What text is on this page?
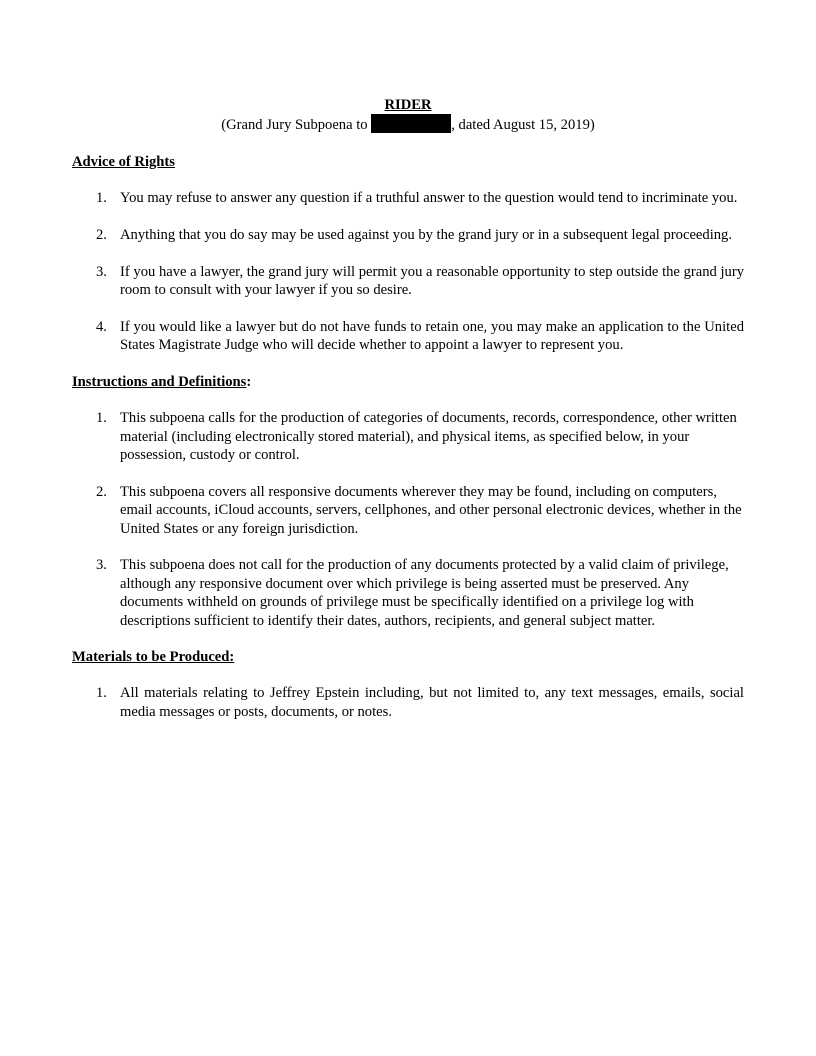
RIDER

(Grand Jury Subpoena to	, dated August 15, 2019)

Advice of Rights

1. You may refuse to answer any question if a truthful answer to the question would tend to incriminate you.
2. Anything that you do say may be used against you by the grand jury or in a subsequent legal proceeding.
3. If you have a lawyer, the grand jury will permit you a reasonable opportunity to step outside the grand jury room to consult with your lawyer if you so desire.
4. If you would like a lawyer but do not have funds to retain one, you may make an application to the United States Magistrate Judge who will decide whether to appoint a lawyer to represent you.

Instructions and Definitions:

1. This subpoena calls for the production of categories of documents, records, correspondence, other written material (including electronically stored material), and physical items, as specified below, in your possession, custody or control.
2. This subpoena covers all responsive documents wherever they may be found, including on computers, email accounts, iCloud accounts, servers, cellphones, and other personal electronic devices, whether in the United States or any foreign jurisdiction.
3. This subpoena does not call for the production of any documents protected by a valid claim of privilege, although any responsive document over which privilege is being asserted must be preserved. Any documents withheld on grounds of privilege must be specifically identified on a privilege log with descriptions sufficient to identify their dates, authors, recipients, and general subject matter.

Materials to be Produced:

1. All materials relating to Jeffrey Epstein including, but not limited to, any text messages, emails, social media messages or posts, documents, or notes.
